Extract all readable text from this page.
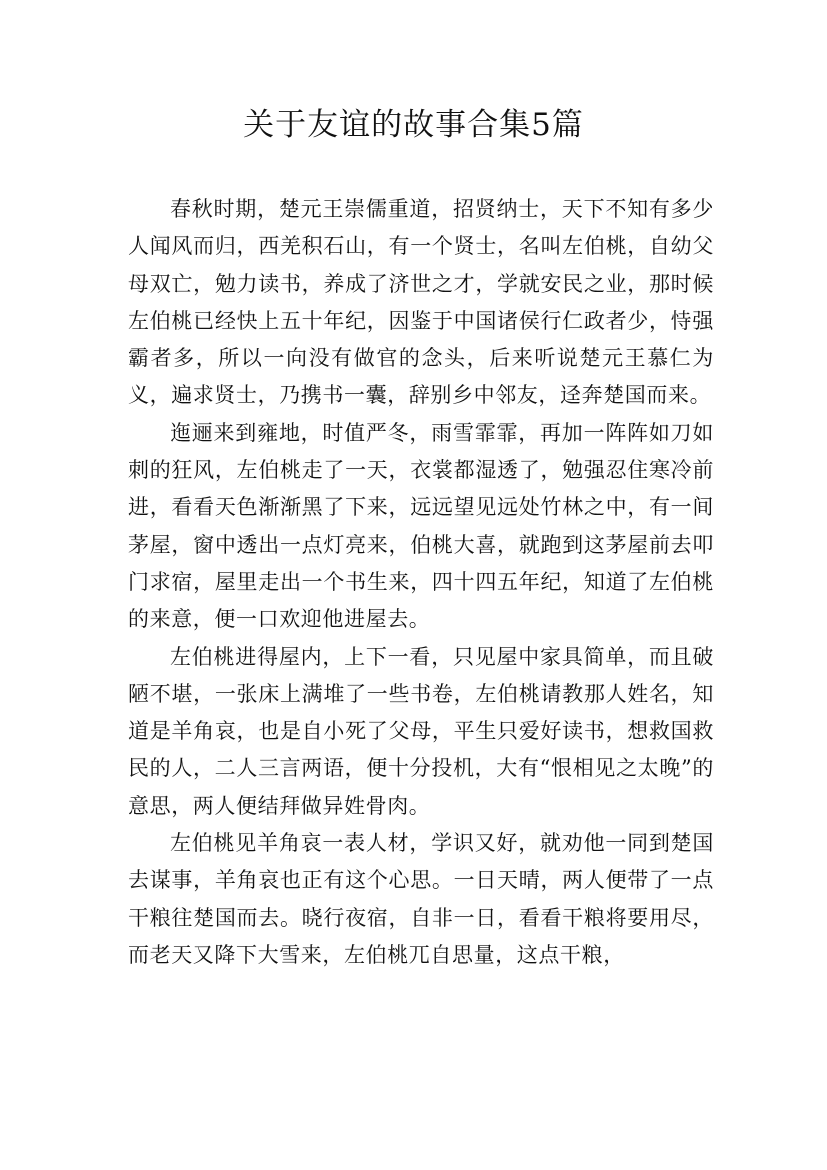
关于友谊的故事合集5篇

春秋时期，楚元王崇儒重道，招贤纳士，天下不知有多少人闻风而归，西羌积石山，有一个贤士，名叫左伯桃，自幼父母双亡，勉力读书，养成了济世之才，学就安民之业，那时候左伯桃已经快上五十年纪，因鉴于中国诸侯行仁政者少，恃强霸者多，所以一向没有做官的念头，后来听说楚元王慕仁为义，遍求贤士，乃携书一囊，辞别乡中邻友，迳奔楚国而来。

迤逦来到雍地，时值严冬，雨雪霏霏，再加一阵阵如刀如刺的狂风，左伯桃走了一天，衣裳都湿透了，勉强忍住寒冷前进，看看天色渐渐黑了下来，远远望见远处竹林之中，有一间茅屋，窗中透出一点灯亮来，伯桃大喜，就跑到这茅屋前去叩门求宿，屋里走出一个书生来，四十四五年纪，知道了左伯桃的来意，便一口欢迎他进屋去。

左伯桃进得屋内，上下一看，只见屋中家具简单，而且破陋不堪，一张床上满堆了一些书卷，左伯桃请教那人姓名，知道是羊角哀，也是自小死了父母，平生只爱好读书，想救国救民的人，二人三言两语，便十分投机，大有“恨相见之太晚”的意思，两人便结拜做异姓骨肉。

左伯桃见羊角哀一表人材，学识又好，就劝他一同到楚国去谋事，羊角哀也正有这个心思。一日天晴，两人便带了一点干粮往楚国而去。晓行夜宿，自非一日，看看干粮将要用尽，而老天又降下大雪来，左伯桃兀自思量，这点干粮，
